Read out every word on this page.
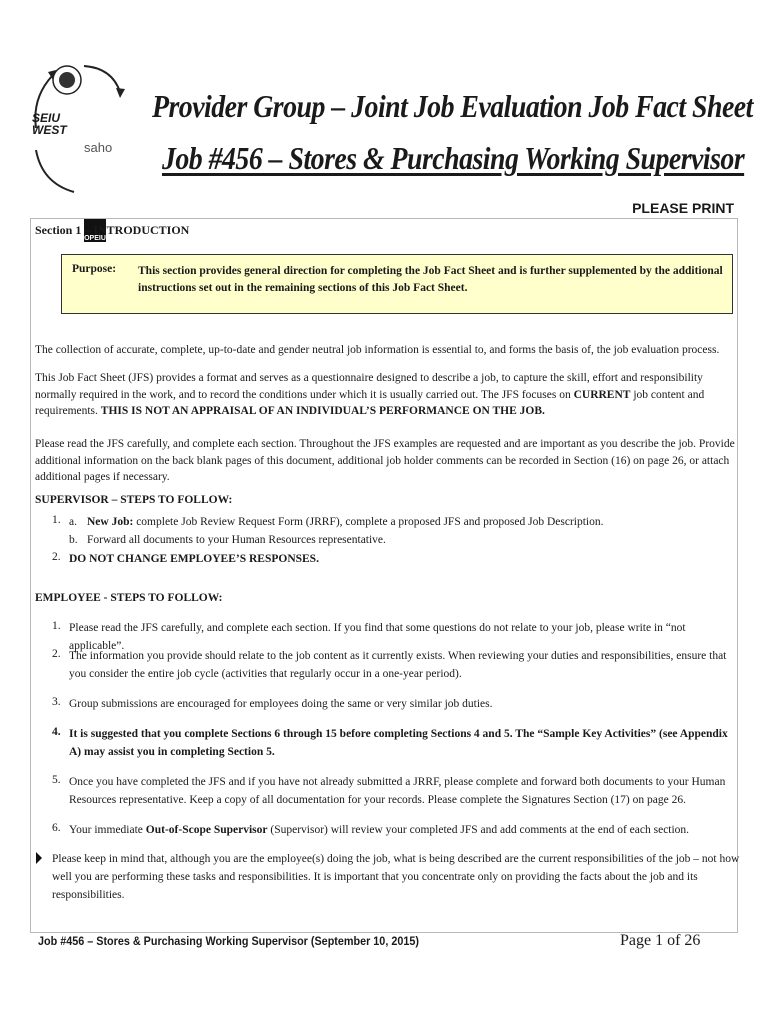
SEIU
WEST
saho
OPEIU
Provider Group – Joint Job Evaluation Job Fact Sheet
Job #456 – Stores & Purchasing Working Supervisor
PLEASE PRINT
Section 1 – INTRODUCTION
Purpose: This section provides general direction for completing the Job Fact Sheet and is further supplemented by the additional instructions set out in the remaining sections of this Job Fact Sheet.
The collection of accurate, complete, up-to-date and gender neutral job information is essential to, and forms the basis of, the job evaluation process.
This Job Fact Sheet (JFS) provides a format and serves as a questionnaire designed to describe a job, to capture the skill, effort and responsibility normally required in the work, and to record the conditions under which it is usually carried out. The JFS focuses on CURRENT job content and requirements. THIS IS NOT AN APPRAISAL OF AN INDIVIDUAL’S PERFORMANCE ON THE JOB.
Please read the JFS carefully, and complete each section. Throughout the JFS examples are requested and are important as you describe the job. Provide additional information on the back blank pages of this document, additional job holder comments can be recorded in Section (16) on page 26, or attach additional pages if necessary.
SUPERVISOR – STEPS TO FOLLOW:
1. a. New Job: complete Job Review Request Form (JRRF), complete a proposed JFS and proposed Job Description.
b. Forward all documents to your Human Resources representative.
2. DO NOT CHANGE EMPLOYEE’S RESPONSES.
EMPLOYEE - STEPS TO FOLLOW:
1. Please read the JFS carefully, and complete each section. If you find that some questions do not relate to your job, please write in “not applicable”.
2. The information you provide should relate to the job content as it currently exists. When reviewing your duties and responsibilities, ensure that you consider the entire job cycle (activities that regularly occur in a one-year period).
3. Group submissions are encouraged for employees doing the same or very similar job duties.
4. It is suggested that you complete Sections 6 through 15 before completing Sections 4 and 5. The “Sample Key Activities” (see Appendix A) may assist you in completing Section 5.
5. Once you have completed the JFS and if you have not already submitted a JRRF, please complete and forward both documents to your Human Resources representative. Keep a copy of all documentation for your records. Please complete the Signatures Section (17) on page 26.
6. Your immediate Out-of-Scope Supervisor (Supervisor) will review your completed JFS and add comments at the end of each section.
Please keep in mind that, although you are the employee(s) doing the job, what is being described are the current responsibilities of the job – not how well you are performing these tasks and responsibilities. It is important that you concentrate only on providing the facts about the job and its responsibilities.
Job #456 – Stores & Purchasing Working Supervisor (September 10, 2015)	Page 1 of 26
